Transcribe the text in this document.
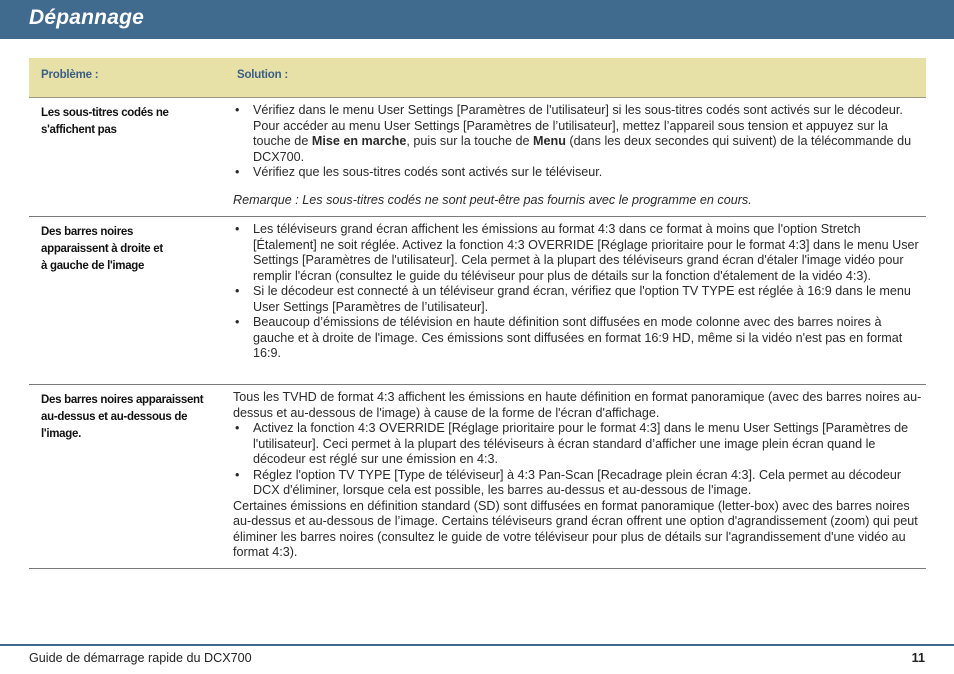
Dépannage
Problème :	Solution :
Les sous-titres codés ne s'affichent pas
• Vérifiez dans le menu User Settings [Paramètres de l'utilisateur] si les sous-titres codés sont activés sur le décodeur. Pour accéder au menu User Settings [Paramètres de l’utilisateur], mettez l’appareil sous tension et appuyez sur la touche de Mise en marche, puis sur la touche de Menu (dans les deux secondes qui suivent) de la télécommande du DCX700.
• Vérifiez que les sous-titres codés sont activés sur le téléviseur.
Remarque : Les sous-titres codés ne sont peut-être pas fournis avec le programme en cours.
Des barres noires
apparaissent à droite et
à gauche de l'image
• Les téléviseurs grand écran affichent les émissions au format 4:3 dans ce format à moins que l'option Stretch [Étalement] ne soit réglée. Activez la fonction 4:3 OVERRIDE [Réglage prioritaire pour le format 4:3] dans le menu User Settings [Paramètres de l'utilisateur]. Cela permet à la plupart des téléviseurs grand écran d'étaler l'image vidéo pour remplir l'écran (consultez le guide du téléviseur pour plus de détails sur la fonction d'étalement de la vidéo 4:3).
• Si le décodeur est connecté à un téléviseur grand écran, vérifiez que l'option TV TYPE est réglée à 16:9 dans le menu User Settings [Paramètres de l’utilisateur].
• Beaucoup d’émissions de télévision en haute définition sont diffusées en mode colonne avec des barres noires à gauche et à droite de l'image. Ces émissions sont diffusées en format 16:9 HD, même si la vidéo n'est pas en format 16:9.
Des barres noires apparaissent au-dessus et au-dessous de l'image.
Tous les TVHD de format 4:3 affichent les émissions en haute définition en format panoramique (avec des barres noires au-dessus et au-dessous de l'image) à cause de la forme de l'écran d'affichage.
• Activez la fonction 4:3 OVERRIDE [Réglage prioritaire pour le format 4:3] dans le menu User Settings [Paramètres de l'utilisateur]. Ceci permet à la plupart des téléviseurs à écran standard d’afficher une image plein écran quand le décodeur est réglé sur une émission en 4:3.
• Réglez l'option TV TYPE [Type de téléviseur] à 4:3 Pan-Scan [Recadrage plein écran 4:3]. Cela permet au décodeur DCX d'éliminer, lorsque cela est possible, les barres au-dessus et au-dessous de l'image.
Certaines émissions en définition standard (SD) sont diffusées en format panoramique (letter-box) avec des barres noires au-dessus et au-dessous de l’image. Certains téléviseurs grand écran offrent une option d'agrandissement (zoom) qui peut éliminer les barres noires (consultez le guide de votre téléviseur pour plus de détails sur l'agrandissement d'une vidéo au format 4:3).
Guide de démarrage rapide du DCX700	11
